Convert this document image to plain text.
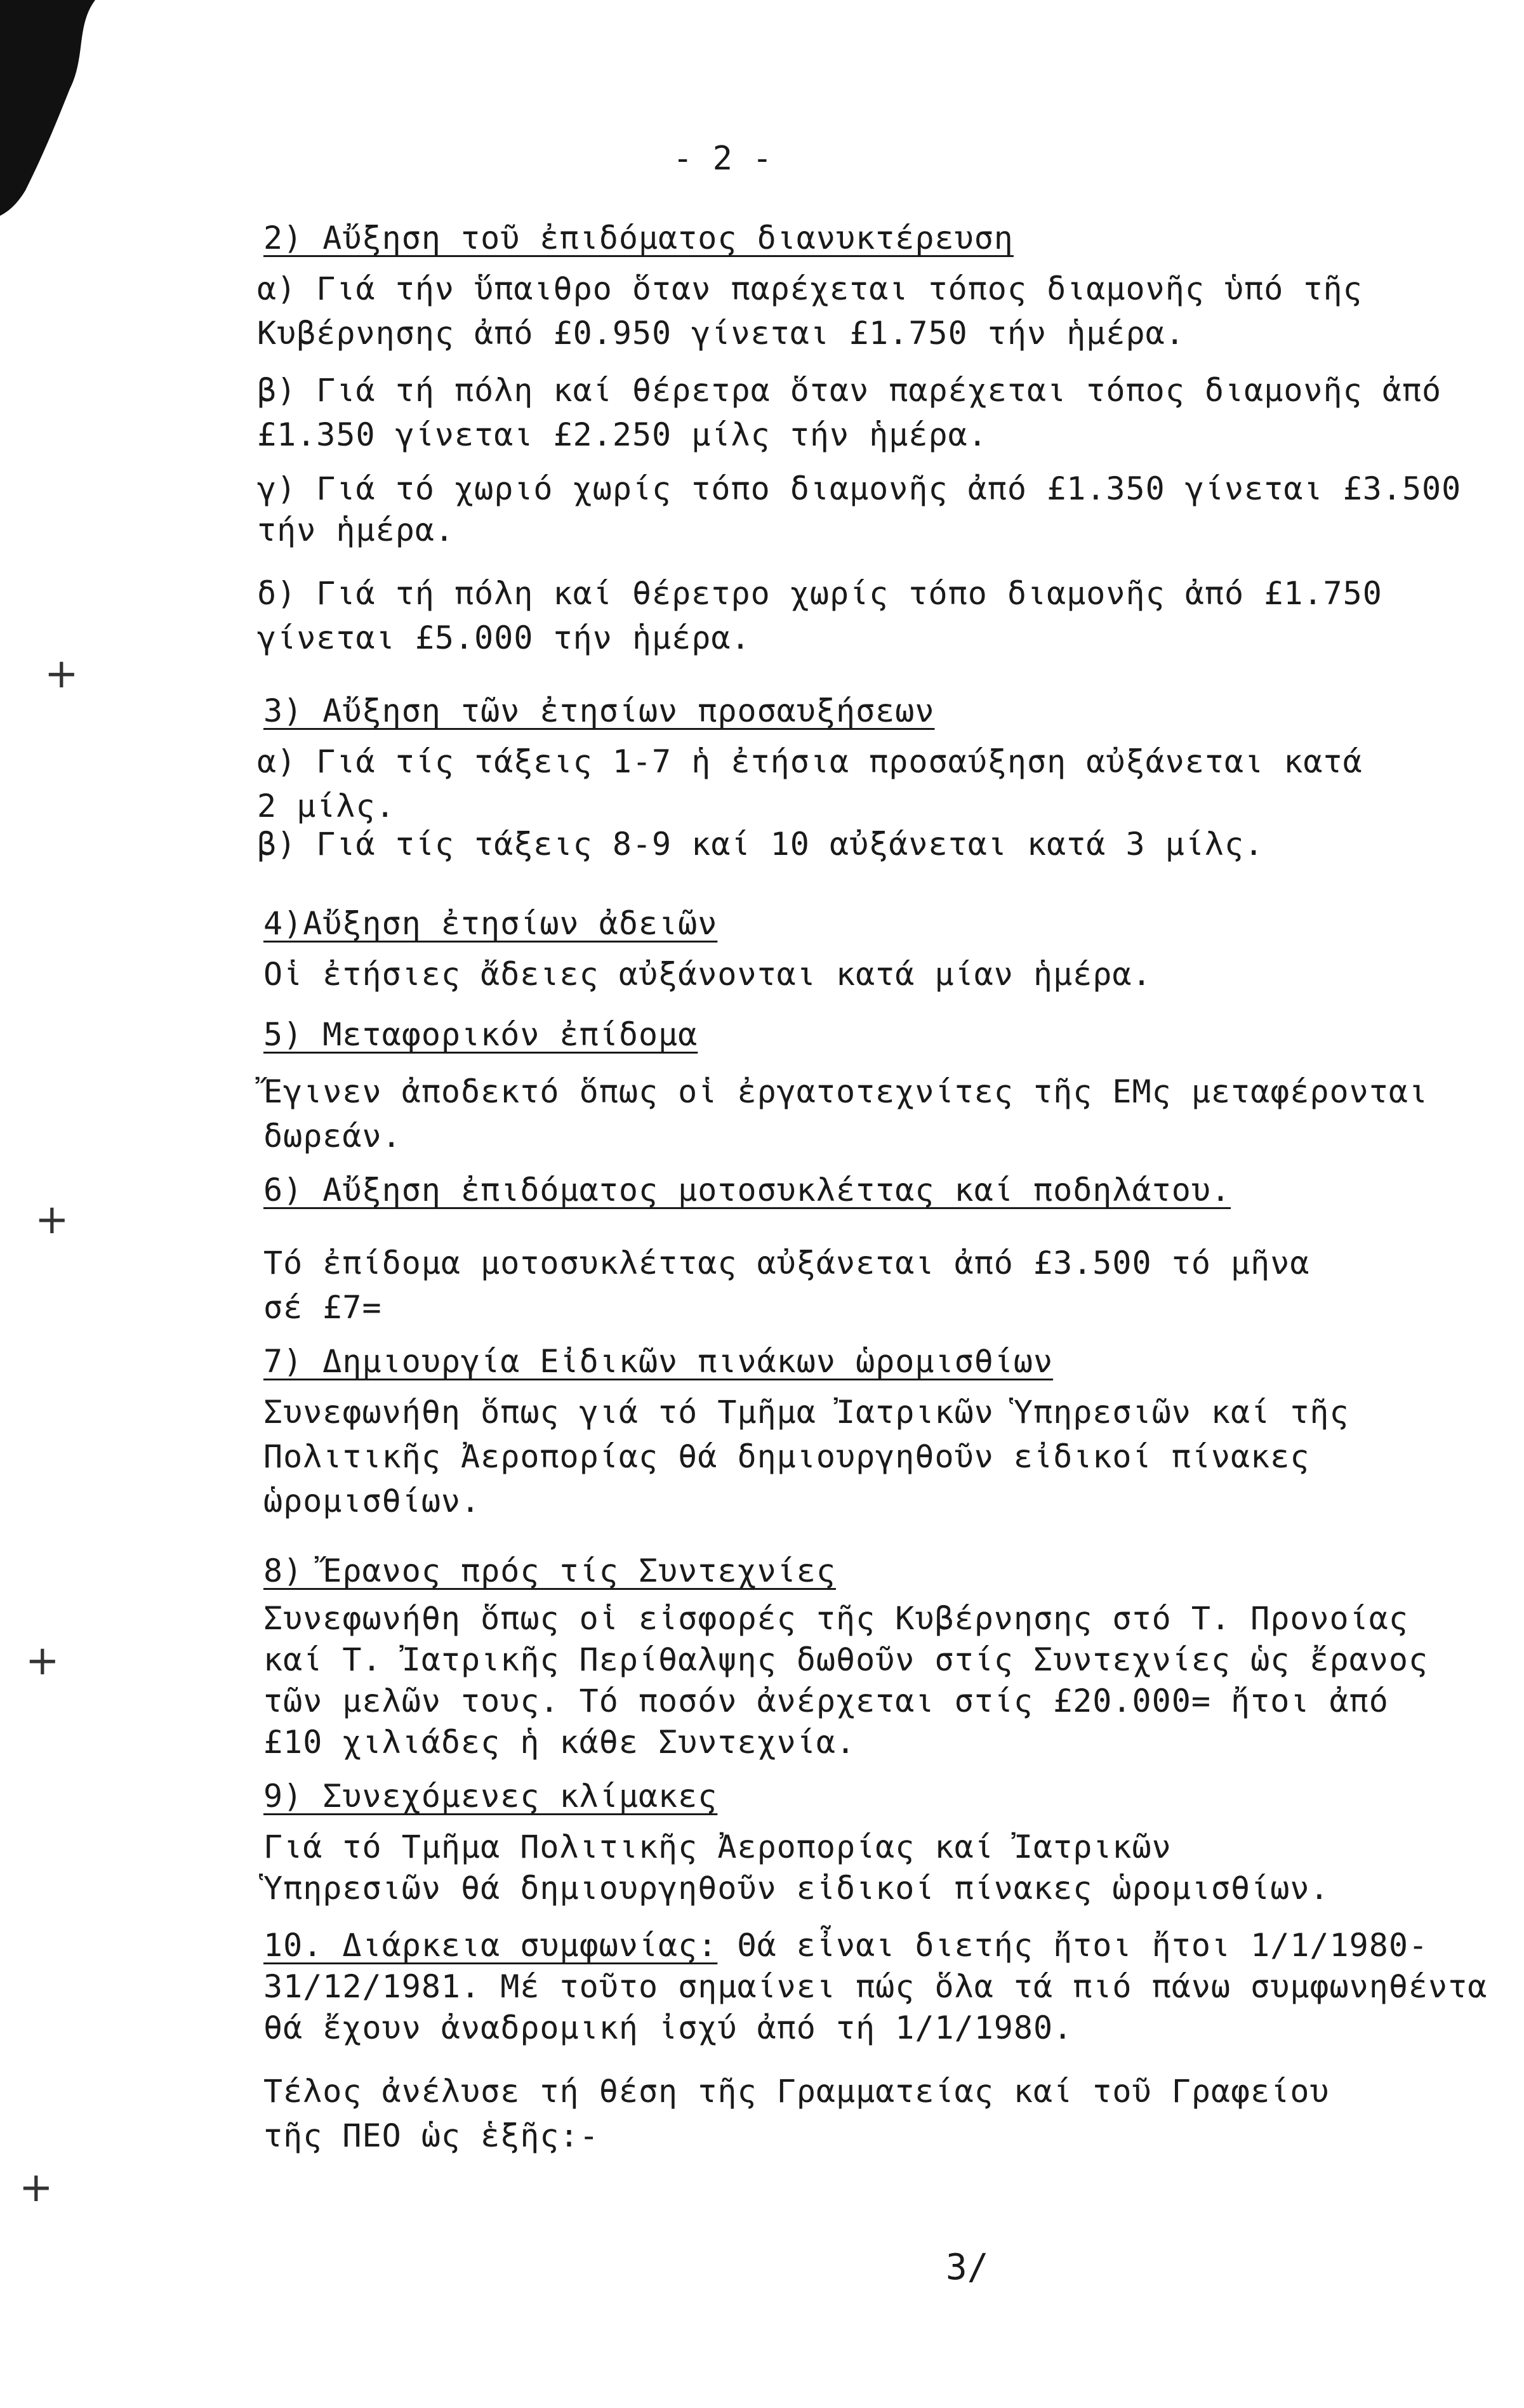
+
+
+
+
- 2 -
2) Αὔξηση τοῦ ἐπιδόματος διανυκτέρευση
α) Γιά τήν ὕπαιθρο ὅταν παρέχεται τόπος διαμονῆς ὑπό τῆς
Κυβέρνησης ἀπό £0.950 γίνεται £1.750 τήν ἡμέρα.
β) Γιά τή πόλη καί θέρετρα ὅταν παρέχεται τόπος διαμονῆς ἀπό
£1.350 γίνεται £2.250 μίλς τήν ἡμέρα.
γ) Γιά τό χωριό χωρίς τόπο διαμονῆς ἀπό £1.350 γίνεται £3.500
τήν ἡμέρα.
δ) Γιά τή πόλη καί θέρετρο χωρίς τόπο διαμονῆς ἀπό £1.750
γίνεται £5.000 τήν ἡμέρα.
3) Αὔξηση τῶν ἐτησίων προσαυξήσεων
α) Γιά τίς τάξεις 1-7 ἡ ἐτήσια προσαύξηση αὐξάνεται κατά
2 μίλς.
β) Γιά τίς τάξεις 8-9 καί 10 αὐξάνεται κατά 3 μίλς.
4)Αὔξηση ἐτησίων ἀδειῶν
Οἱ ἐτήσιες ἄδειες αὐξάνονται κατά μίαν ἡμέρα.
5) Μεταφορικόν ἐπίδομα
Ἔγινεν ἀποδεκτό ὅπως οἱ ἐργατοτεχνίτες τῆς ΕΜς μεταφέρονται
δωρεάν.
6) Αὔξηση ἐπιδόματος μοτοσυκλέττας καί ποδηλάτου.
Τό ἐπίδομα μοτοσυκλέττας αὐξάνεται ἀπό £3.500 τό μῆνα
σέ £7=
7) Δημιουργία Εἰδικῶν πινάκων ὡρομισθίων
Συνεφωνήθη ὅπως γιά τό Τμῆμα Ἰατρικῶν Ὑπηρεσιῶν καί τῆς
Πολιτικῆς Ἀεροπορίας θά δημιουργηθοῦν εἰδικοί πίνακες
ὡρομισθίων.
8) Ἔρανος πρός τίς Συντεχνίες
Συνεφωνήθη ὅπως οἱ εἰσφορές τῆς Κυβέρνησης στό Τ. Προνοίας
καί Τ. Ἰατρικῆς Περίθαλψης δωθοῦν στίς Συντεχνίες ὡς ἔρανος
τῶν μελῶν τους. Τό ποσόν ἀνέρχεται στίς £20.000= ἤτοι ἀπό
£10 χιλιάδες ἡ κάθε Συντεχνία.
9) Συνεχόμενες κλίμακες
Γιά τό Τμῆμα Πολιτικῆς Ἀεροπορίας καί Ἰατρικῶν
Ὑπηρεσιῶν θά δημιουργηθοῦν εἰδικοί πίνακες ὡρομισθίων.
10. Διάρκεια συμφωνίας: Θά εἶναι διετής ἤτοι ἤτοι 1/1/1980-
31/12/1981. Μέ τοῦτο σημαίνει πώς ὅλα τά πιό πάνω συμφωνηθέντα
θά ἔχουν ἀναδρομική ἰσχύ ἀπό τή 1/1/1980.
Τέλος ἀνέλυσε τή θέση τῆς Γραμματείας καί τοῦ Γραφείου
τῆς ΠΕΟ ὡς ἑξῆς:-
3/
